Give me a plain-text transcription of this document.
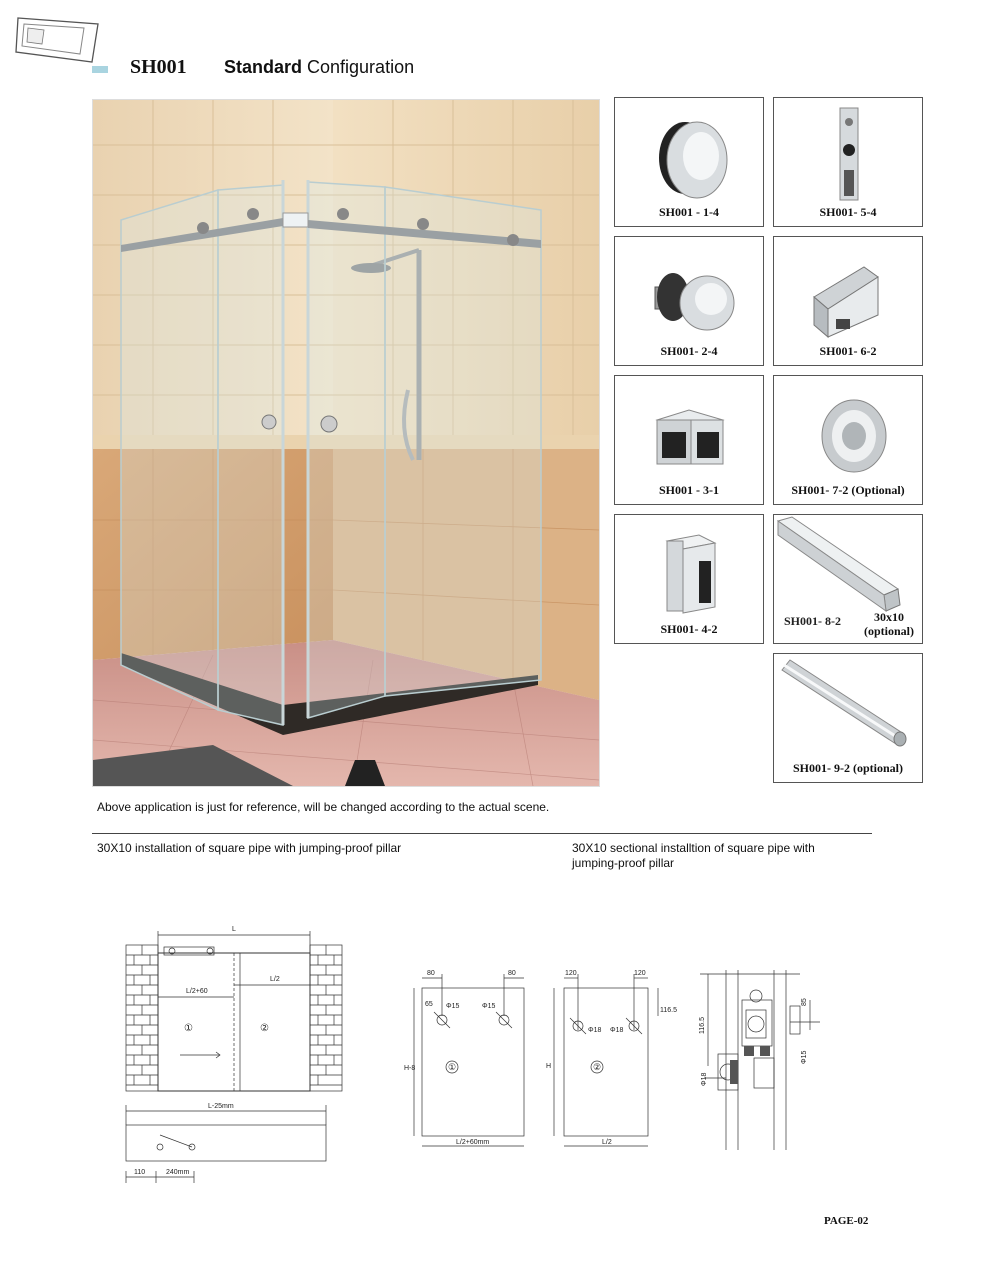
SH001 Standard Configuration
SH001 - 1-4	SH001- 5-4
SH001- 2-4	SH001- 6-2
SH001 - 3-1	SH001- 7-2 (Optional)
SH001- 4-2
SH001- 8-2	30x10
(optional)
SH001- 9-2 (optional)
Above application is just for reference, will be changed according to the actual scene.
30X10 installation of square pipe with jumping-proof pillar	30X10 sectional installtion of square pipe with jumping-proof pillar
L
L/2
L/2+60
①	②
L-25mm
110	240mm
80	80
65 Φ15	Φ15
H-8	①
L/2+60mm
120	120
116.5
Φ18 Φ18
H	②
L/2
116.5
85
Φ15
Φ18
PAGE-02
